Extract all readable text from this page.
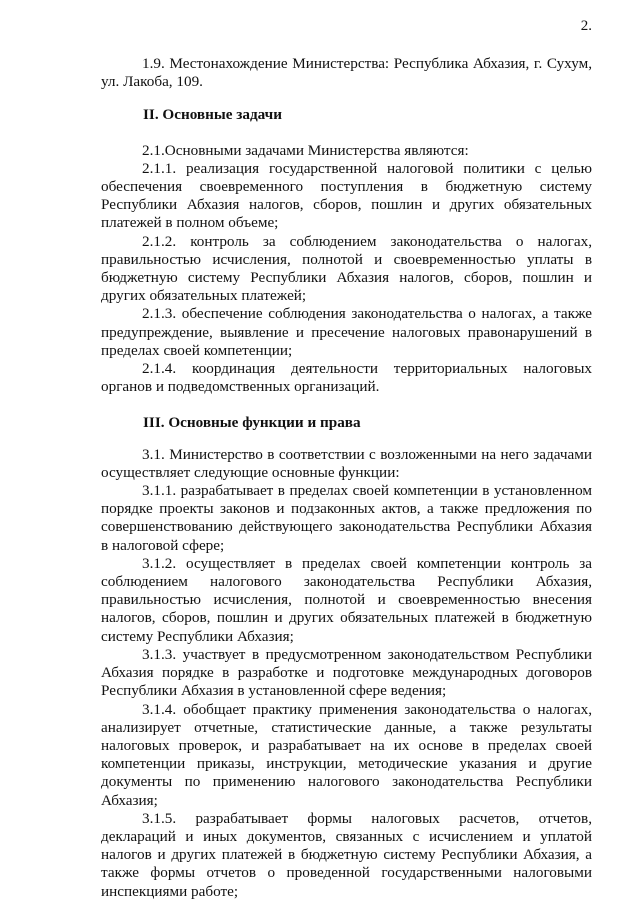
2.

1.9. Местонахождение Министерства: Республика Абхазия, г. Сухум, ул. Лакоба, 109.

II. Основные задачи

2.1.Основными задачами Министерства являются:

2.1.1. реализация государственной налоговой политики с целью обеспечения своевременного поступления в бюджетную систему Республики Абхазия налогов, сборов, пошлин и других обязательных платежей в полном объеме;

2.1.2. контроль за соблюдением законодательства о налогах, правильностью исчисления, полнотой и своевременностью уплаты в бюджетную систему Республики Абхазия налогов, сборов, пошлин и других обязательных платежей;

2.1.3. обеспечение соблюдения законодательства о налогах, а также предупреждение, выявление и пресечение налоговых правонарушений в пределах своей компетенции;

2.1.4. координация деятельности территориальных налоговых органов и подведомственных организаций.

III. Основные функции и права

3.1. Министерство в соответствии с возложенными на него задачами осуществляет следующие основные функции:

3.1.1. разрабатывает в пределах своей компетенции в установленном порядке проекты законов и подзаконных актов, а также предложения по совершенствованию действующего законодательства Республики Абхазия в налоговой сфере;

3.1.2. осуществляет в пределах своей компетенции контроль за соблюдением налогового законодательства Республики Абхазия, правильностью исчисления, полнотой и своевременностью внесения налогов, сборов, пошлин и других обязательных платежей в бюджетную систему Республики Абхазия;

3.1.3. участвует в предусмотренном законодательством Республики Абхазия порядке в разработке и подготовке международных договоров Республики Абхазия в установленной сфере ведения;

3.1.4. обобщает практику применения законодательства о налогах, анализирует отчетные, статистические данные, а также результаты налоговых проверок, и разрабатывает на их основе в пределах своей компетенции приказы, инструкции, методические указания и другие документы по применению налогового законодательства Республики Абхазия;

3.1.5. разрабатывает формы налоговых расчетов, отчетов, деклараций и иных документов, связанных с исчислением и уплатой налогов и других платежей в бюджетную систему Республики Абхазия, а также формы отчетов о проведенной государственными налоговыми инспекциями работе;
